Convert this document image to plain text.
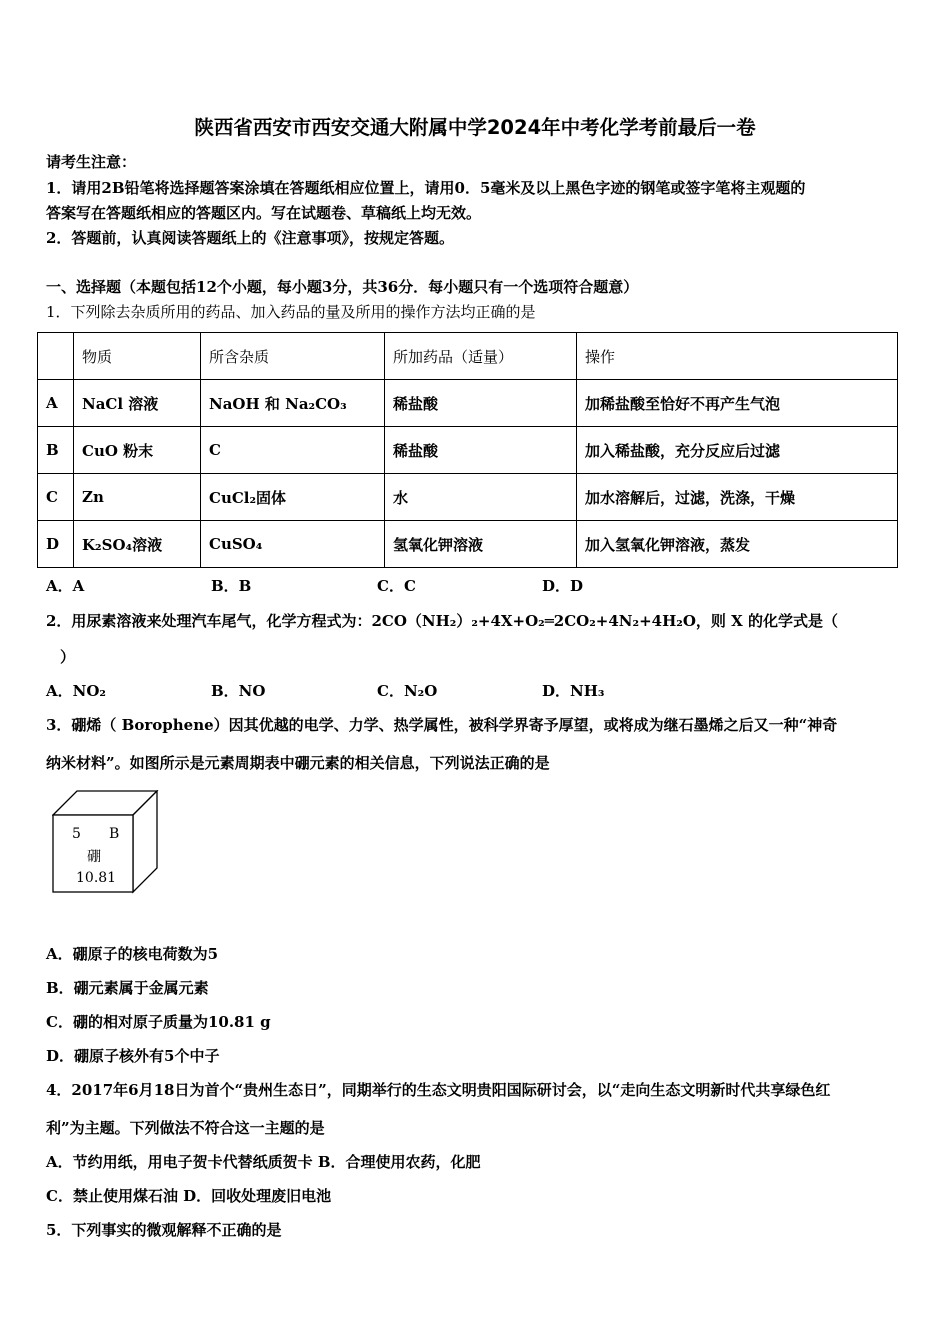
陕西省西安市西安交通大附属中学2024年中考化学考前最后一卷
请考生注意：
1．请用2B铅笔将选择题答案涂填在答题纸相应位置上，请用0．5毫米及以上黑色字迹的钢笔或签字笔将主观题的
答案写在答题纸相应的答题区内。写在试题卷、草稿纸上均无效。
2．答题前，认真阅读答题纸上的《注意事项》，按规定答题。
一、选择题（本题包括12个小题，每小题3分，共36分．每小题只有一个选项符合题意）
1．下列除去杂质所用的药品、加入药品的量及所用的操作方法均正确的是
	物质	所含杂质	所加药品（适量）	操作
A	NaCl 溶液	NaOH 和 Na₂CO₃	稀盐酸	加稀盐酸至恰好不再产生气泡
B	CuO 粉末	C	稀盐酸	加入稀盐酸，充分反应后过滤
C	Zn	CuCl₂固体	水	加水溶解后，过滤，洗涤，干燥
D	K₂SO₄溶液	CuSO₄	氢氧化钾溶液	加入氢氧化钾溶液，蒸发
A．A	B．B	C．C	D．D
2．用尿素溶液来处理汽车尾气，化学方程式为：2CO（NH₂）₂+4X+O₂═2CO₂+4N₂+4H₂O，则 X 的化学式是（
）
A．NO₂	B．NO	C．N₂O	D．NH₃
3．硼烯（ Borophene）因其优越的电学、力学、热学属性，被科学界寄予厚望，或将成为继石墨烯之后又一种“神奇
纳米材料”。如图所示是元素周期表中硼元素的相关信息，下列说法正确的是
5 B
硼
10.81
A．硼原子的核电荷数为5
B．硼元素属于金属元素
C．硼的相对原子质量为10.81 g
D．硼原子核外有5个中子
4．2017年6月18日为首个“贵州生态日”，同期举行的生态文明贵阳国际研讨会，以“走向生态文明新时代共享绿色红
利”为主题。下列做法不符合这一主题的是
A．节约用纸，用电子贺卡代替纸质贺卡 B．合理使用农药，化肥
C．禁止使用煤石油 D．回收处理废旧电池
5．下列事实的微观解释不正确的是
